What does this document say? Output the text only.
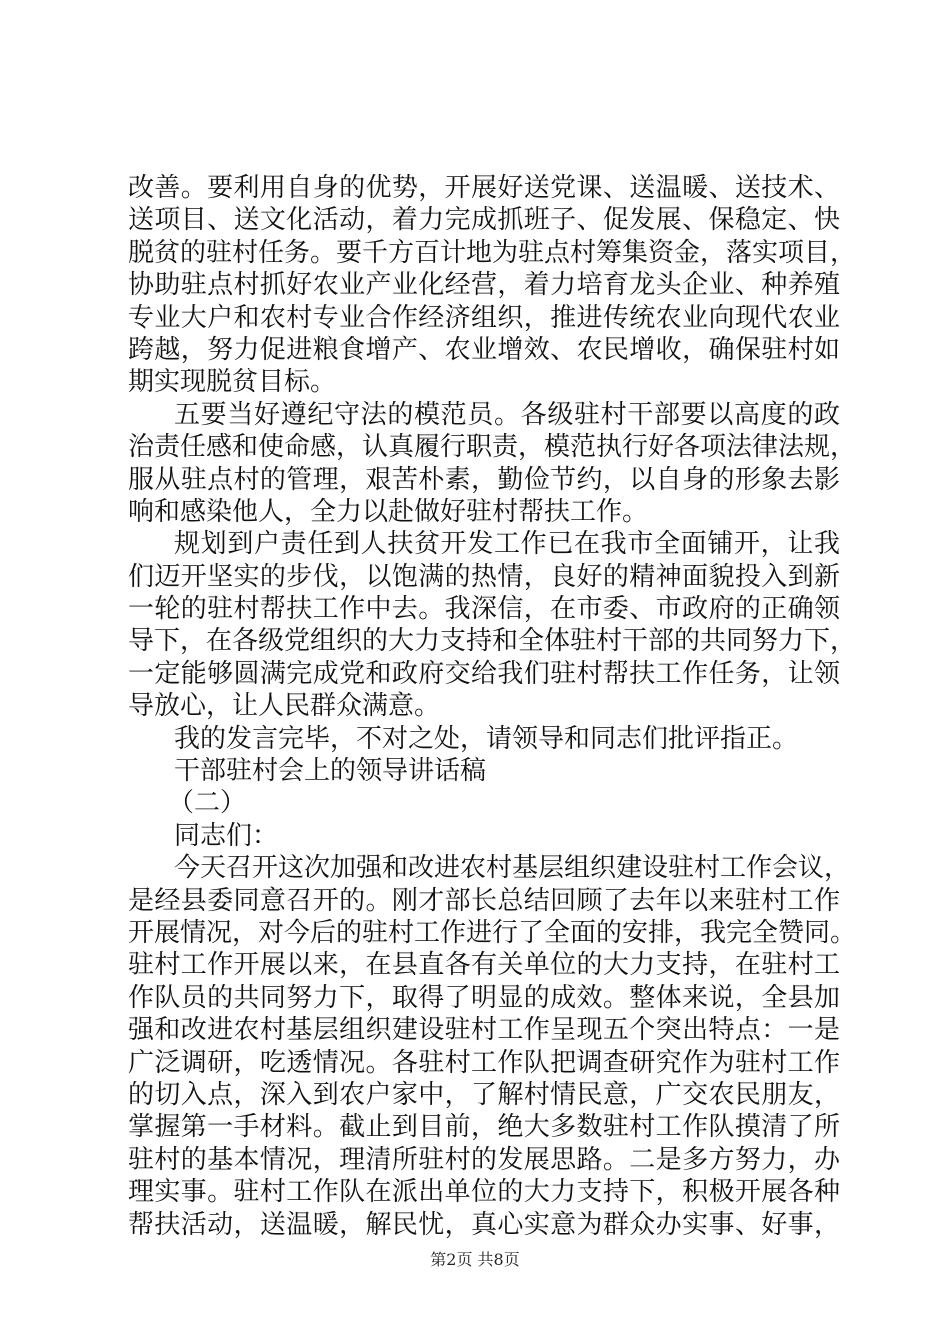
改善。要利用自身的优势，开展好送党课、送温暖、送技术、
送项目、送文化活动，着力完成抓班子、促发展、保稳定、快
脱贫的驻村任务。要千方百计地为驻点村筹集资金，落实项目，
协助驻点村抓好农业产业化经营，着力培育龙头企业、种养殖
专业大户和农村专业合作经济组织，推进传统农业向现代农业
跨越，努力促进粮食增产、农业增效、农民增收，确保驻村如
期实现脱贫目标。
五要当好遵纪守法的模范员。各级驻村干部要以高度的政
治责任感和使命感，认真履行职责，模范执行好各项法律法规，
服从驻点村的管理，艰苦朴素，勤俭节约，以自身的形象去影
响和感染他人，全力以赴做好驻村帮扶工作。
规划到户责任到人扶贫开发工作已在我市全面铺开，让我
们迈开坚实的步伐，以饱满的热情，良好的精神面貌投入到新
一轮的驻村帮扶工作中去。我深信，在市委、市政府的正确领
导下，在各级党组织的大力支持和全体驻村干部的共同努力下，
一定能够圆满完成党和政府交给我们驻村帮扶工作任务，让领
导放心，让人民群众满意。
我的发言完毕，不对之处，请领导和同志们批评指正。
干部驻村会上的领导讲话稿
（二）
同志们：
今天召开这次加强和改进农村基层组织建设驻村工作会议，
是经县委同意召开的。刚才部长总结回顾了去年以来驻村工作
开展情况，对今后的驻村工作进行了全面的安排，我完全赞同。
驻村工作开展以来，在县直各有关单位的大力支持，在驻村工
作队员的共同努力下，取得了明显的成效。整体来说，全县加
强和改进农村基层组织建设驻村工作呈现五个突出特点：一是
广泛调研，吃透情况。各驻村工作队把调查研究作为驻村工作
的切入点，深入到农户家中，了解村情民意，广交农民朋友，
掌握第一手材料。截止到目前，绝大多数驻村工作队摸清了所
驻村的基本情况，理清所驻村的发展思路。二是多方努力，办
理实事。驻村工作队在派出单位的大力支持下，积极开展各种
帮扶活动，送温暖，解民忧，真心实意为群众办实事、好事，
第2页 共8页
